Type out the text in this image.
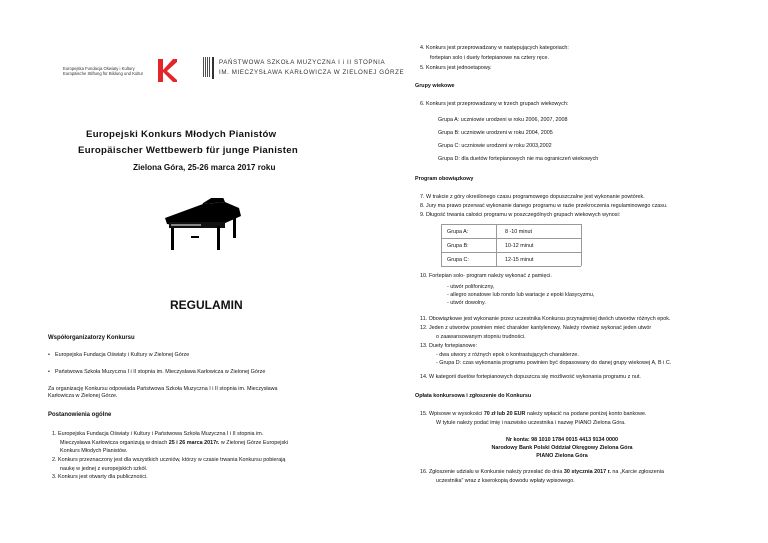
Europejska Fundacja Oświaty i Kultury
Europäische Stiftung für Bildung und Kultur
PAŃSTWOWA SZKOŁA MUZYCZNA I i II STOPNIA
IM. MIECZYSŁAWA KARŁOWICZA W ZIELONEJ GÓRZE
Europejski Konkurs Młodych Pianistów
Europäischer Wettbewerb für junge Pianisten
Zielona Góra, 25-26 marca 2017 roku
REGULAMIN
Współorganizatorzy Konkursu
• Europejska Fundacja Oświaty i Kultury w Zielonej Górze
• Państwowa Szkoła Muzyczna I i II stopnia im. Mieczysława Karłowicza w Zielonej Górze
Za organizację Konkursu odpowiada Państwowa Szkoła Muzyczna I i II stopnia im. Mieczysława
Karłowicza w Zielonej Górze.
Postanowienia ogólne
1. Europejska Fundacja Oświaty i Kultury i Państwowa Szkoła Muzyczna I i II stopnia im.
Mieczysława Karłowicza organizują w dniach 25 i 26 marca 2017r. w Zielonej Górze Europejski
Konkurs Młodych Pianistów.
2. Konkurs przeznaczony jest dla wszystkich uczniów, którzy w czasie trwania Konkursu pobierają
naukę w jednej z europejskich szkół.
3. Konkurs jest otwarty dla publiczności.
4. Konkurs jest przeprowadzany w następujących kategoriach:
fortepian solo i duety fortepianowe na cztery ręce.
5. Konkurs jest jednoetapowy.
Grupy wiekowe
6. Konkurs jest przeprowadzany w trzech grupach wiekowych:
Grupa A: uczniowie urodzeni w roku 2006, 2007, 2008
Grupa B: uczniowie urodzeni w roku 2004, 2005
Grupa C: uczniowie urodzeni w roku 2003,2002
Grupa D: dla duetów fortepianowych nie ma ograniczeń wiekowych
Program obowiązkowy
7. W trakcie z góry określonego czasu programowego dopuszczalne jest wykonanie powtórek.
8. Jury ma prawo przerwać wykonanie danego programu w razie przekroczenia regulaminowego czasu.
9. Długość trwania całości programu w poszczególnych grupach wiekowych wynosi:
Grupa A:	8 -10 minut
Grupa B:	10-12 minut
Grupa C:	12-15 minut
10. Fortepian solo- program należy wykonać z pamięci.
- utwór polifoniczny,
- allegro sonatowe lub rondo lub wariacje z epoki klasycyzmu,
- utwór dowolny.
11. Obowiązkowe jest wykonanie przez uczestnika Konkursu przynajmniej dwóch utworów różnych epok.
12. Jeden z utworów powinien mieć charakter kantylenowy. Należy również wykonać jeden utwór
o zaawansowanym stopniu trudności.
13. Duety fortepianowe:
- dwa utwory z różnych epok o kontrastujących charakterze.
- Grupa D: czas wykonania programu powinien być dopasowany do danej grupy wiekowej A, B i C.
14. W kategorii duetów fortepianowych dopuszcza się możliwość wykonania programu z nut.
Opłata konkursowa i zgłoszenie do Konkursu
15. Wpisowe w wysokości 70 zł lub 20 EUR należy wpłacić na podane poniżej konto bankowe.
W tytule należy podać imię i nazwisko uczestnika i nazwę PIANO Zielona Góra.
Nr konta: 98 1010 1784 0015 4413 9134 0000
Narodowy Bank Polski Oddział Okręgowy Zielona Góra
PIANO Zielona Góra
16. Zgłoszenie udziału w Konkursie należy przesłać do dnia 30 stycznia 2017 r. na „Karcie zgłoszenia
uczestnika” wraz z kserokopią dowodu wpłaty wpisowego.
